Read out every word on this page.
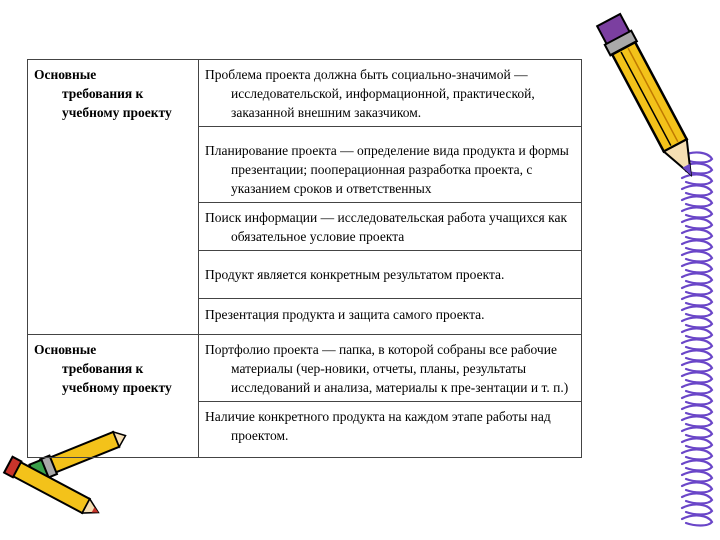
Основные
требования к
учебному проекту	Проблема проекта должна быть социально-значимой — исследовательской, информационной, практической, заказанной внешним заказчиком.

	Планирование проекта — определение вида продукта и формы презентации; пооперационная разработка проекта, с указанием сроков и ответственных

	Поиск информации — исследовательская работа учащихся как обязательное условие проекта

	Продукт является конкретным результатом проекта.

	Презентация продукта и защита самого проекта.

Основные
требования к
учебному проекту	Портфолио проекта — папка, в которой собраны все рабочие материалы (чер-новики, отчеты, планы, результаты исследований и анализа, материалы к пре-зентации и т. п.)

	Наличие конкретного продукта на каждом этапе работы над проектом.
